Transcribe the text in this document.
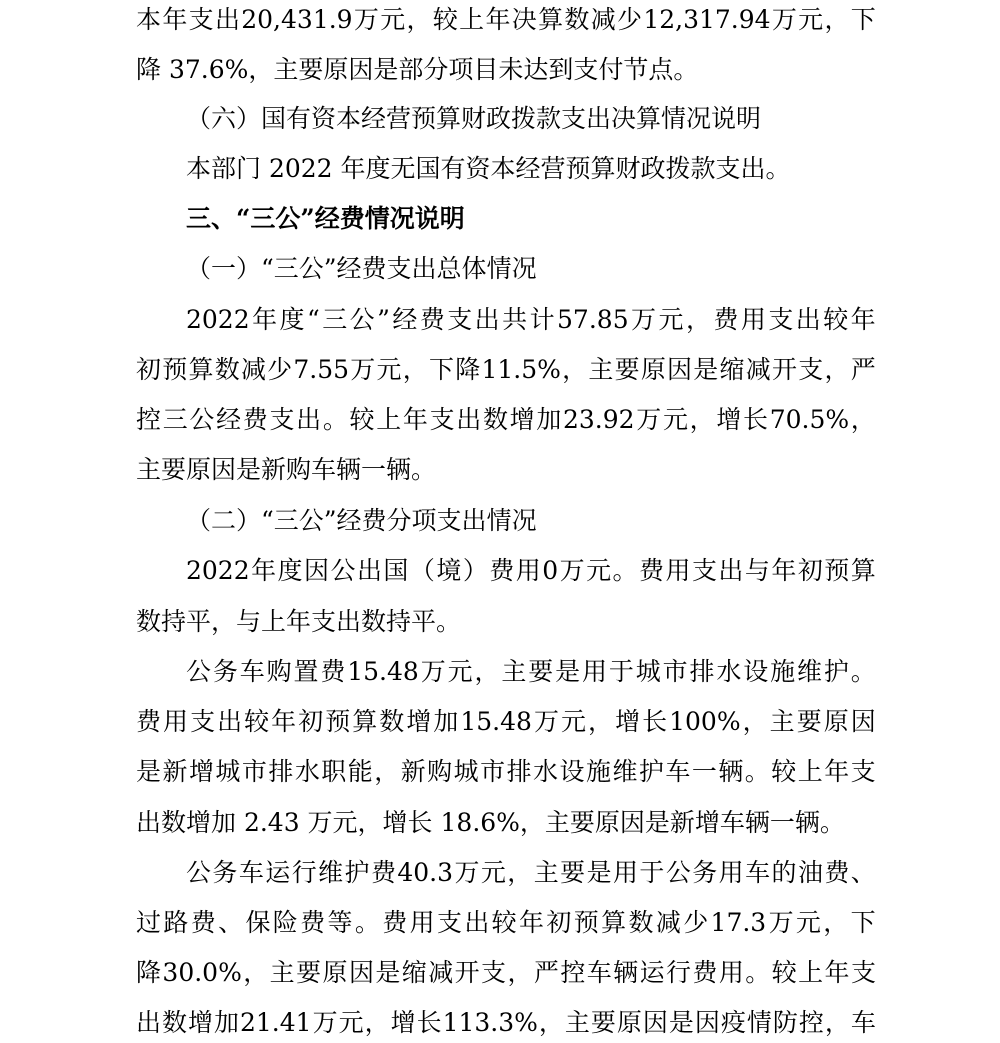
本 年 支 出 20,431.9 万 元 ， 较 上 年 决 算 数 减 少 12,317.94 万 元 ， 下
降 37.6%，主要原因是部分项目未达到支付节点。
（六）国有资本经营预算财政拨款支出决算情况说明
本部门 2022 年度无国有资本经营预算财政拨款支出。
三、“三公”经费情况说明
（一）“三公”经费支出总体情况
2022 年 度 “ 三 公 ” 经 费 支 出 共 计 57.85 万 元 ， 费 用 支 出 较 年
初 预 算 数 减 少 7.55 万 元 ， 下 降 11.5% ， 主 要 原 因 是 缩 减 开 支 ， 严
控 三 公 经 费 支 出 。 较 上 年 支 出 数 增 加 23.92 万 元 ， 增 长 70.5% ，
主要原因是新购车辆一辆。
（二）“三公”经费分项支出情况
2022 年 度 因 公 出 国 （ 境 ） 费 用 0 万 元 。 费 用 支 出 与 年 初 预 算
数持平，与上年支出数持平。
公 务 车 购 置 费 15.48 万 元 ， 主 要 是 用 于 城 市 排 水 设 施 维 护 。
费 用 支 出 较 年 初 预 算 数 增 加 15.48 万 元 ， 增 长 100% ， 主 要 原 因
是 新 增 城 市 排 水 职 能 ， 新 购 城 市 排 水 设 施 维 护 车 一 辆 。 较 上 年 支
出数增加 2.43 万元，增长 18.6%，主要原因是新增车辆一辆。
公 务 车 运 行 维 护 费 40.3 万 元 ， 主 要 是 用 于 公 务 用 车 的 油 费 、
过 路 费 、 保 险 费 等 。 费 用 支 出 较 年 初 预 算 数 减 少 17.3 万 元 ， 下
降 30.0% ， 主 要 原 因 是 缩 减 开 支 ， 严 控 车 辆 运 行 费 用 。 较 上 年 支
出 数 增 加 21.41 万 元 ， 增 长 113.3% ， 主 要 原 因 是 因 疫 情 防 控 ， 车
